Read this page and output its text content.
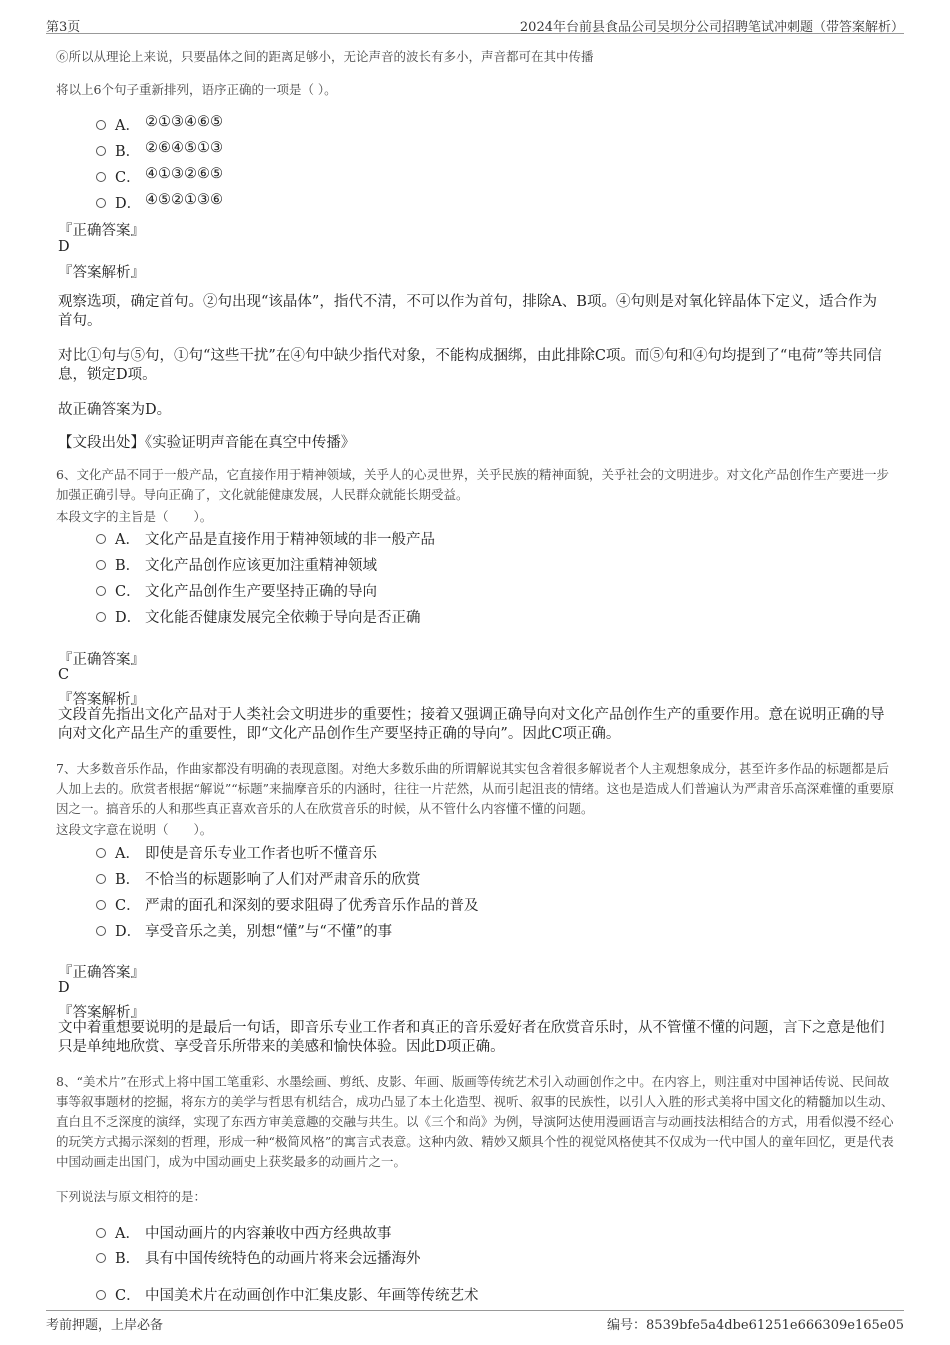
第3页	2024年台前县食品公司吴坝分公司招聘笔试冲刺题（带答案解析）
⑥所以从理论上来说，只要晶体之间的距离足够小，无论声音的波长有多小，声音都可在其中传播
将以上6个句子重新排列，语序正确的一项是（ ）。
A． ②①③④⑥⑤
B． ②⑥④⑤①③
C． ④①③②⑥⑤
D． ④⑤②①③⑥
『正确答案』
D
『答案解析』
观察选项，确定首句。②句出现“该晶体”，指代不清，不可以作为首句，排除A、B项。④句则是对氧化锌晶体下定义，适合作为首句。
对比①句与⑤句，①句“这些干扰”在④句中缺少指代对象，不能构成捆绑，由此排除C项。而⑤句和④句均提到了“电荷”等共同信息，锁定D项。
故正确答案为D。
【文段出处】《实验证明声音能在真空中传播》
6、文化产品不同于一般产品，它直接作用于精神领域，关乎人的心灵世界，关乎民族的精神面貌，关乎社会的文明进步。对文化产品创作生产要进一步加强正确引导。导向正确了，文化就能健康发展，人民群众就能长期受益。
本段文字的主旨是（　　）。
A． 文化产品是直接作用于精神领域的非一般产品
B． 文化产品创作应该更加注重精神领域
C． 文化产品创作生产要坚持正确的导向
D． 文化能否健康发展完全依赖于导向是否正确
『正确答案』
C
『答案解析』
文段首先指出文化产品对于人类社会文明进步的重要性；接着又强调正确导向对文化产品创作生产的重要作用。意在说明正确的导向对文化产品生产的重要性，即“文化产品创作生产要坚持正确的导向”。因此C项正确。
7、大多数音乐作品，作曲家都没有明确的表现意图。对绝大多数乐曲的所谓解说其实包含着很多解说者个人主观想象成分，甚至许多作品的标题都是后人加上去的。欣赏者根据“解说”“标题”来揣摩音乐的内涵时，往往一片茫然，从而引起沮丧的情绪。这也是造成人们普遍认为严肃音乐高深难懂的重要原因之一。搞音乐的人和那些真正喜欢音乐的人在欣赏音乐的时候，从不管什么内容懂不懂的问题。
这段文字意在说明（　　）。
A． 即使是音乐专业工作者也听不懂音乐
B． 不恰当的标题影响了人们对严肃音乐的欣赏
C． 严肃的面孔和深刻的要求阻碍了优秀音乐作品的普及
D． 享受音乐之美，别想“懂”与“不懂”的事
『正确答案』
D
『答案解析』
文中着重想要说明的是最后一句话，即音乐专业工作者和真正的音乐爱好者在欣赏音乐时，从不管懂不懂的问题，言下之意是他们只是单纯地欣赏、享受音乐所带来的美感和愉快体验。因此D项正确。
8、“美术片”在形式上将中国工笔重彩、水墨绘画、剪纸、皮影、年画、版画等传统艺术引入动画创作之中。在内容上，则注重对中国神话传说、民间故事等叙事题材的挖掘，将东方的美学与哲思有机结合，成功凸显了本土化造型、视听、叙事的民族性，以引人入胜的形式美将中国文化的精髓加以生动、直白且不乏深度的演绎，实现了东西方审美意趣的交融与共生。以《三个和尚》为例，导演阿达使用漫画语言与动画技法相结合的方式，用看似漫不经心的玩笑方式揭示深刻的哲理，形成一种“极简风格”的寓言式表意。这种内敛、精妙又颇具个性的视觉风格使其不仅成为一代中国人的童年回忆，更是代表中国动画走出国门，成为中国动画史上获奖最多的动画片之一。
下列说法与原文相符的是：
A． 中国动画片的内容兼收中西方经典故事
B． 具有中国传统特色的动画片将来会远播海外
C． 中国美术片在动画创作中汇集皮影、年画等传统艺术
考前押题，上岸必备	编号：8539bfe5a4dbe61251e666309e165e05
